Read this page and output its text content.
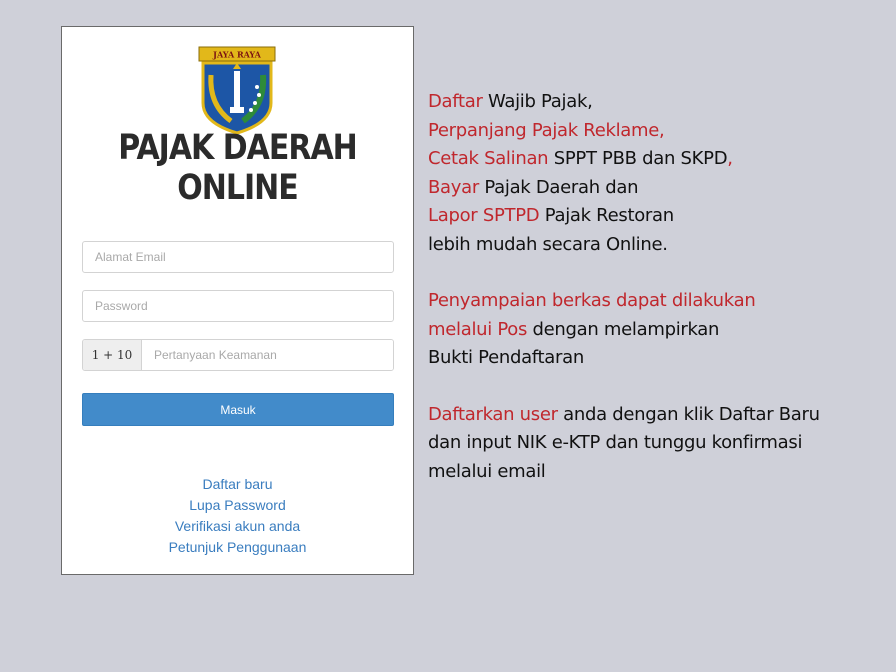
JAYA RAYA
PAJAK DAERAH ONLINE
Alamat Email
1 + 10
Pertanyaan Keamanan
Masuk
Daftar baru
Lupa Password
Verifikasi akun anda
Petunjuk Penggunaan

Daftar Wajib Pajak,

Perpanjang Pajak Reklame,

Cetak Salinan SPPT PBB dan SKPD,

Bayar Pajak Daerah dan

Lapor SPTPD Pajak Restoran

lebih mudah secara Online.

Penyampaian berkas dapat dilakukan

melalui Pos dengan melampirkan

Bukti Pendaftaran

Daftarkan user anda dengan klik Daftar Baru

dan input NIK e-KTP dan tunggu konfirmasi

melalui email
